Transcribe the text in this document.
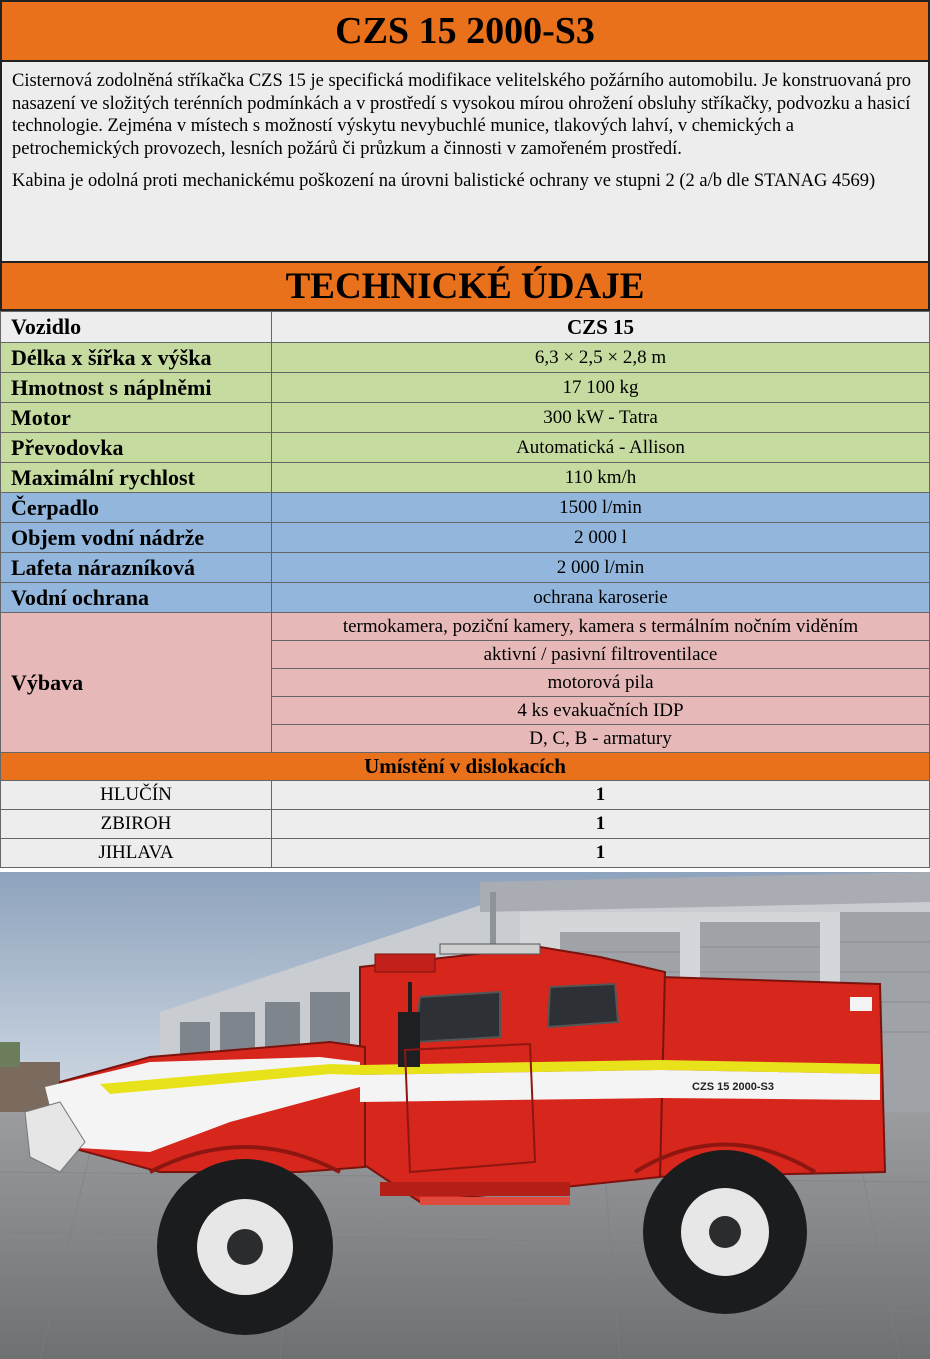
CZS 15 2000-S3

Cisternová zodolněná stříkačka CZS 15 je specifická modifikace velitelského požárního automobilu. Je konstruovaná pro nasazení ve složitých terénních podmínkách a v prostředí s vysokou mírou ohrožení obsluhy stříkačky, podvozku a hasicí technologie. Zejména v místech s možností výskytu nevybuchlé munice, tlakových lahví, v chemických a petrochemických provozech, lesních požárů či průzkum a činnosti v zamořeném prostředí.

Kabina je odolná proti mechanickému poškození na úrovni balistické ochrany ve stupni 2 (2 a/b dle STANAG 4569)

TECHNICKÉ ÚDAJE
Vozidlo	CZS 15
Délka x šířka x výška	6,3 × 2,5 × 2,8 m
Hmotnost s náplněmi	17 100 kg
Motor	300 kW - Tatra
Převodovka	Automatická - Allison
Maximální rychlost	110 km/h
Čerpadlo	1500 l/min
Objem vodní nádrže	2 000 l
Lafeta nárazníková	2 000 l/min
Vodní ochrana	ochrana karoserie
Výbava	termokamera, poziční kamery, kamera s termálním nočním viděním
	aktivní / pasivní filtroventilace
	motorová pila
	4 ks evakuačních IDP
	D, C, B - armatury
Umístění v dislokacích	
HLUČÍN	1
ZBIROH	1
JIHLAVA	1
CZS 15 2000-S3
